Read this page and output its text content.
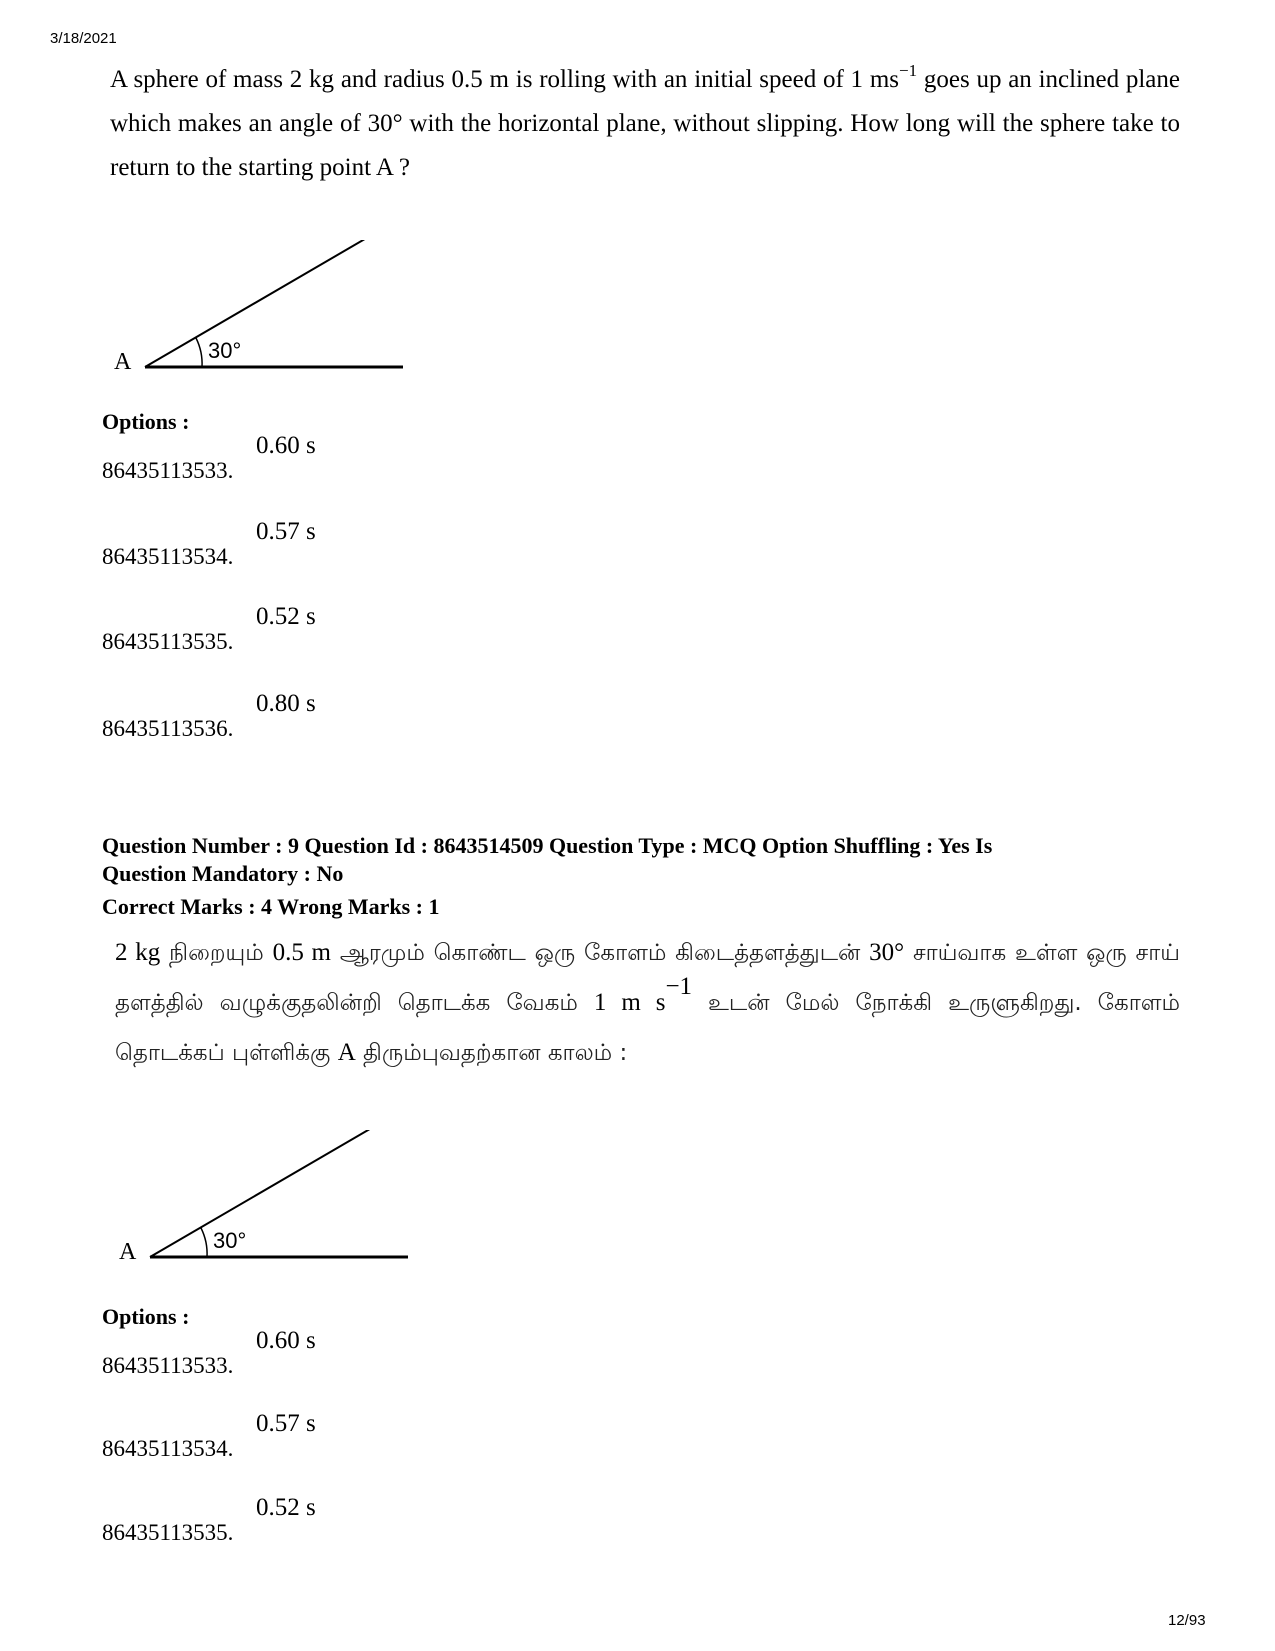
3/18/2021
A sphere of mass 2 kg and radius 0.5 m is rolling with an initial speed of 1 $ms^{-1}$ goes up an inclined plane which makes an angle of 30° with the horizontal plane, without slipping. How long will the sphere take to return to the starting point A ?
A	30°
Options :
86435113533.
0.60 s
86435113534.
0.57 s
86435113535.
0.52 s
86435113536.
0.80 s
Question Number : 9 Question Id : 8643514509 Question Type : MCQ Option Shuffling : Yes Is
Question Mandatory : No
Correct Marks : 4 Wrong Marks : 1
2 kg நிறையும் 0.5 m ஆரமும் கொண்ட ஒரு கோளம் கிடைத்தளத்துடன் 30° சாய்வாக உள்ள ஒரு சாய் தளத்தில் வழுக்குதலின்றி தொடக்க வேகம் 1 m $s^{-1}$ உடன் மேல் நோக்கி உருளுகிறது. கோளம் தொடக்கப் புள்ளிக்கு A திரும்புவதற்கான காலம் :
A	30°
Options :
86435113533.
0.60 s
86435113534.
0.57 s
86435113535.
0.52 s
12/93
